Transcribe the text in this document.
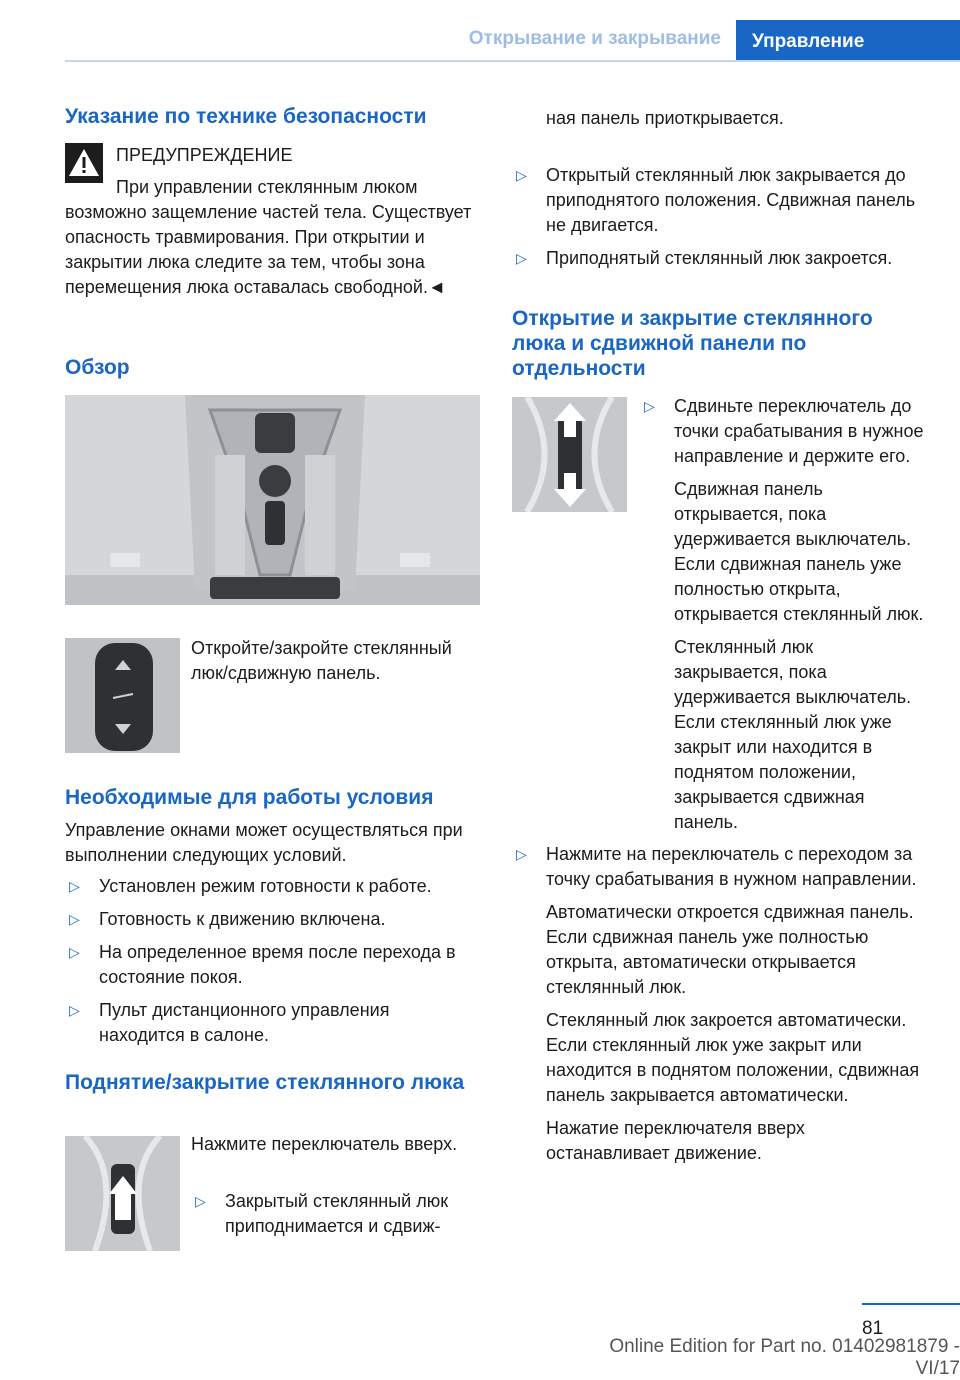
Открывание и закрывание	Управление
Указание по технике безопасности
ПРЕДУПРЕЖДЕНИЕ
При управлении стеклянным люком возможно защемление частей тела. Существует опасность травмирования. При открытии и закрытии люка следите за тем, чтобы зона перемещения люка оставалась свободной.◄
Обзор
Откройте/закройте стеклянный люк/сдвижную панель.
Необходимые для работы условия
Управление окнами может осуществляться при выполнении следующих условий.
▷ Установлен режим готовности к работе.
▷ Готовность к движению включена.
▷ На определенное время после перехода в состояние покоя.
▷ Пульт дистанционного управления находится в салоне.
Поднятие/закрытие стеклянного люка
Нажмите переключатель вверх.
▷ Закрытый стеклянный люк приподнимается и сдвиж-
ная панель приоткрывается.
▷ Открытый стеклянный люк закрывается до приподнятого положения. Сдвижная панель не двигается.
▷ Приподнятый стеклянный люк закроется.
Открытие и закрытие стеклянного люка и сдвижной панели по отдельности
▷ Сдвиньте переключатель до точки срабатывания в нужное направление и держите его.
Сдвижная панель открывается, пока удерживается выключатель. Если сдвижная панель уже полностью открыта, открывается стеклянный люк.
Стеклянный люк закрывается, пока удерживается выключатель. Если стеклянный люк уже закрыт или находится в поднятом положении, закрывается сдвижная панель.
▷ Нажмите на переключатель с переходом за точку срабатывания в нужном направлении.
Автоматически откроется сдвижная панель. Если сдвижная панель уже полностью открыта, автоматически открывается стеклянный люк.
Стеклянный люк закроется автоматически. Если стеклянный люк уже закрыт или находится в поднятом положении, сдвижная панель закрывается автоматически.
Нажатие переключателя вверх останавливает движение.
81
Online Edition for Part no. 01402981879 - VI/17
